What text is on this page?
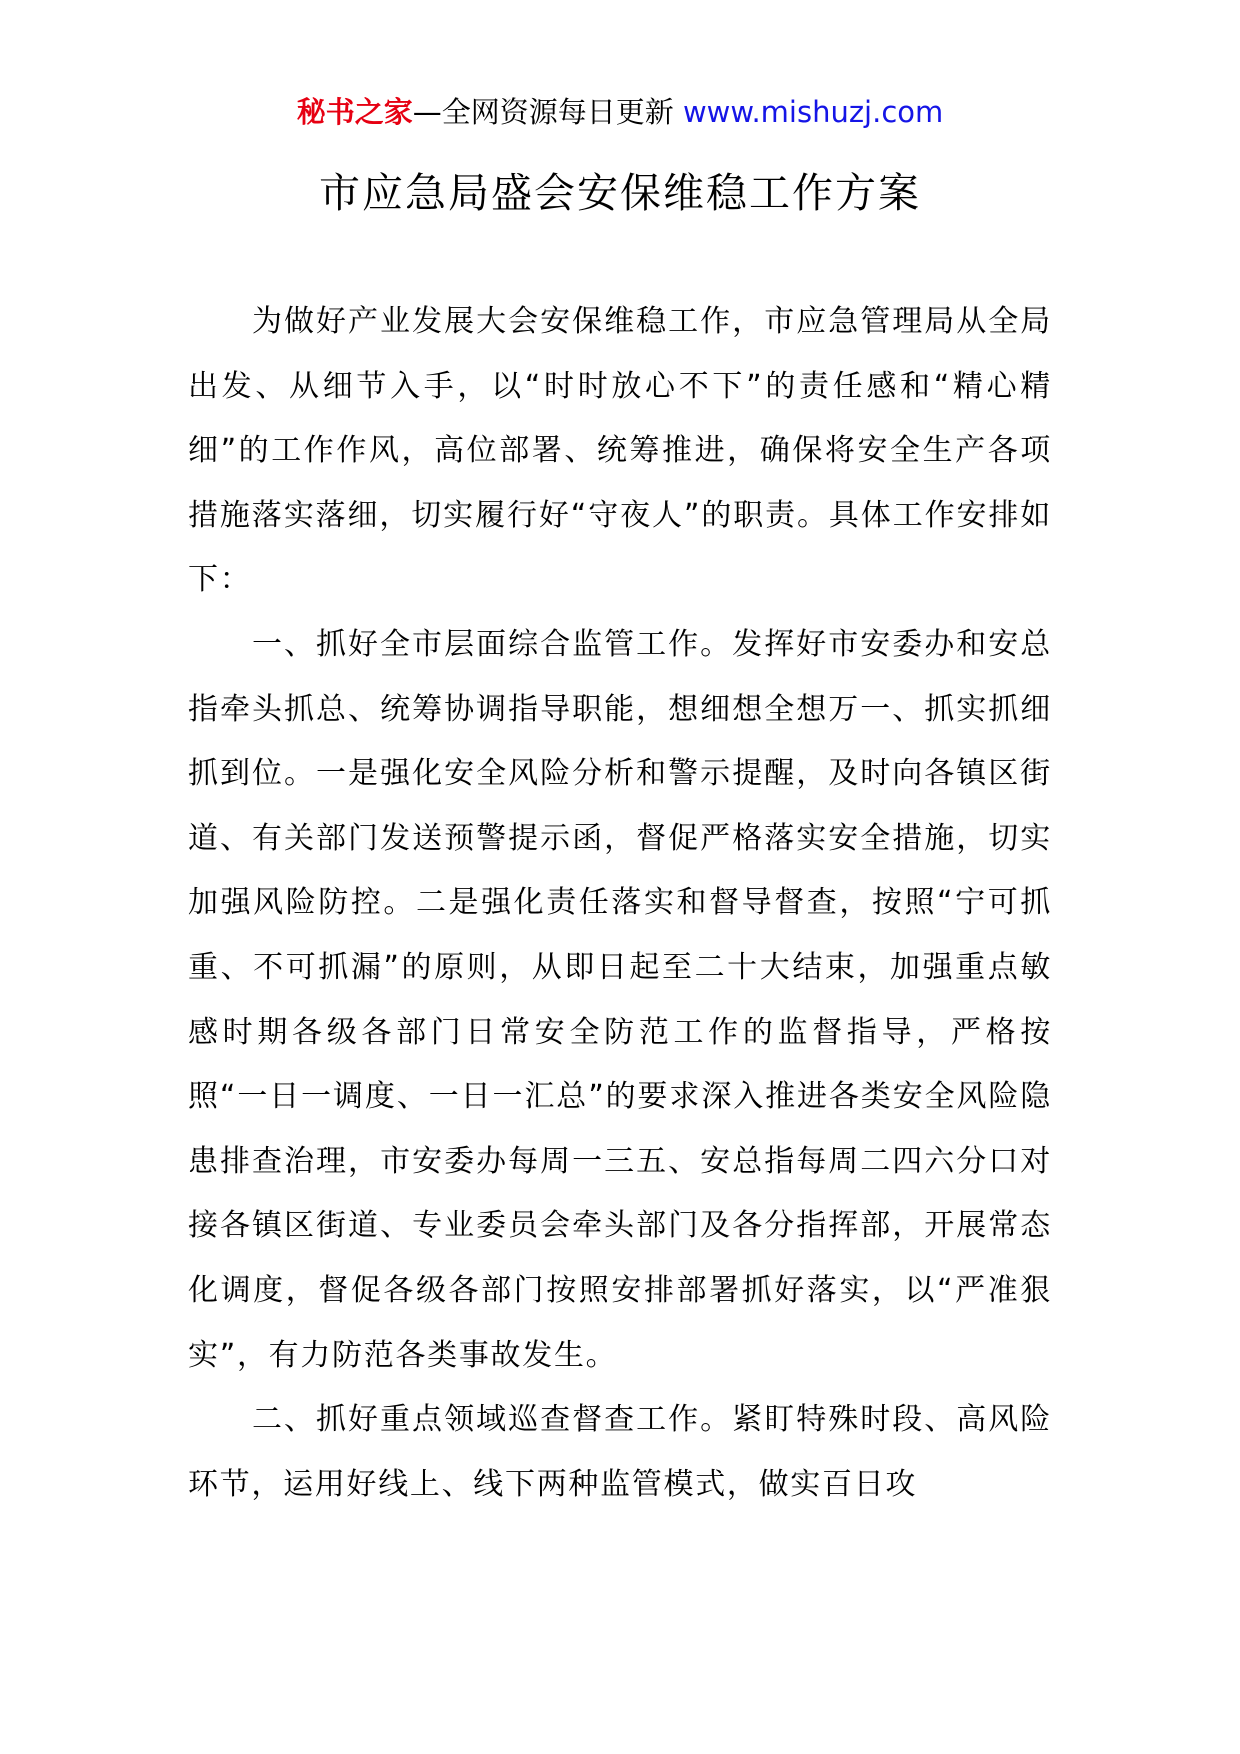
秘书之家—全网资源每日更新 www.mishuzj.com
市应急局盛会安保维稳工作方案

为做好产业发展大会安保维稳工作，市应急管理局从全局出发、从细节入手，以“时时放心不下”的责任感和“精心精细”的工作作风，高位部署、统筹推进，确保将安全生产各项措施落实落细，切实履行好“守夜人”的职责。具体工作安排如下：

一、抓好全市层面综合监管工作。发挥好市安委办和安总指牵头抓总、统筹协调指导职能，想细想全想万一、抓实抓细抓到位。一是强化安全风险分析和警示提醒，及时向各镇区街道、有关部门发送预警提示函，督促严格落实安全措施，切实加强风险防控。二是强化责任落实和督导督查，按照“宁可抓重、不可抓漏”的原则，从即日起至二十大结束，加强重点敏感时期各级各部门日常安全防范工作的监督指导，严格按照“一日一调度、一日一汇总”的要求深入推进各类安全风险隐患排查治理，市安委办每周一三五、安总指每周二四六分口对接各镇区街道、专业委员会牵头部门及各分指挥部，开展常态化调度，督促各级各部门按照安排部署抓好落实，以“严准狠实”，有力防范各类事故发生。

二、抓好重点领域巡查督查工作。紧盯特殊时段、高风险环节，运用好线上、线下两种监管模式，做实百日攻
